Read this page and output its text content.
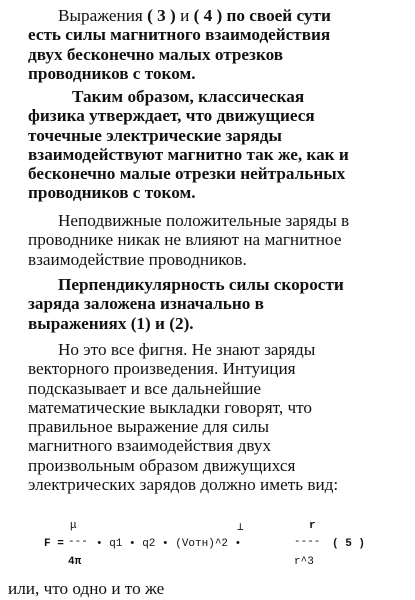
Выражения ( 3 ) и ( 4 ) по своей сути
есть силы магнитного взаимодействия
двух бесконечно малых отрезков
проводников с током.
Таким образом, классическая
физика утверждает, что движущиеся
точечные электрические заряды
взаимодействуют магнитно так же, как и
бесконечно малые отрезки нейтральных
проводников с током.
Неподвижные положительные заряды в
проводнике никак не влияют на магнитное
взаимодействие проводников.
Перпендикулярность силы скорости
заряда заложена изначально в
выражениях (1) и (2).
Но это все фигня. Не знают заряды
векторного произведения. Интуиция
подсказывает и все дальнейшие
математические выкладки говорят, что
правильное выражение для силы
магнитного взаимодействия двух
произвольным образом движущихся
электрических зарядов должно иметь вид:
μ	⊥	r
F = --- • q1 • q2 • (Vотн)^2 •	----
4π	r^3
( 5 )
или, что одно и то же
